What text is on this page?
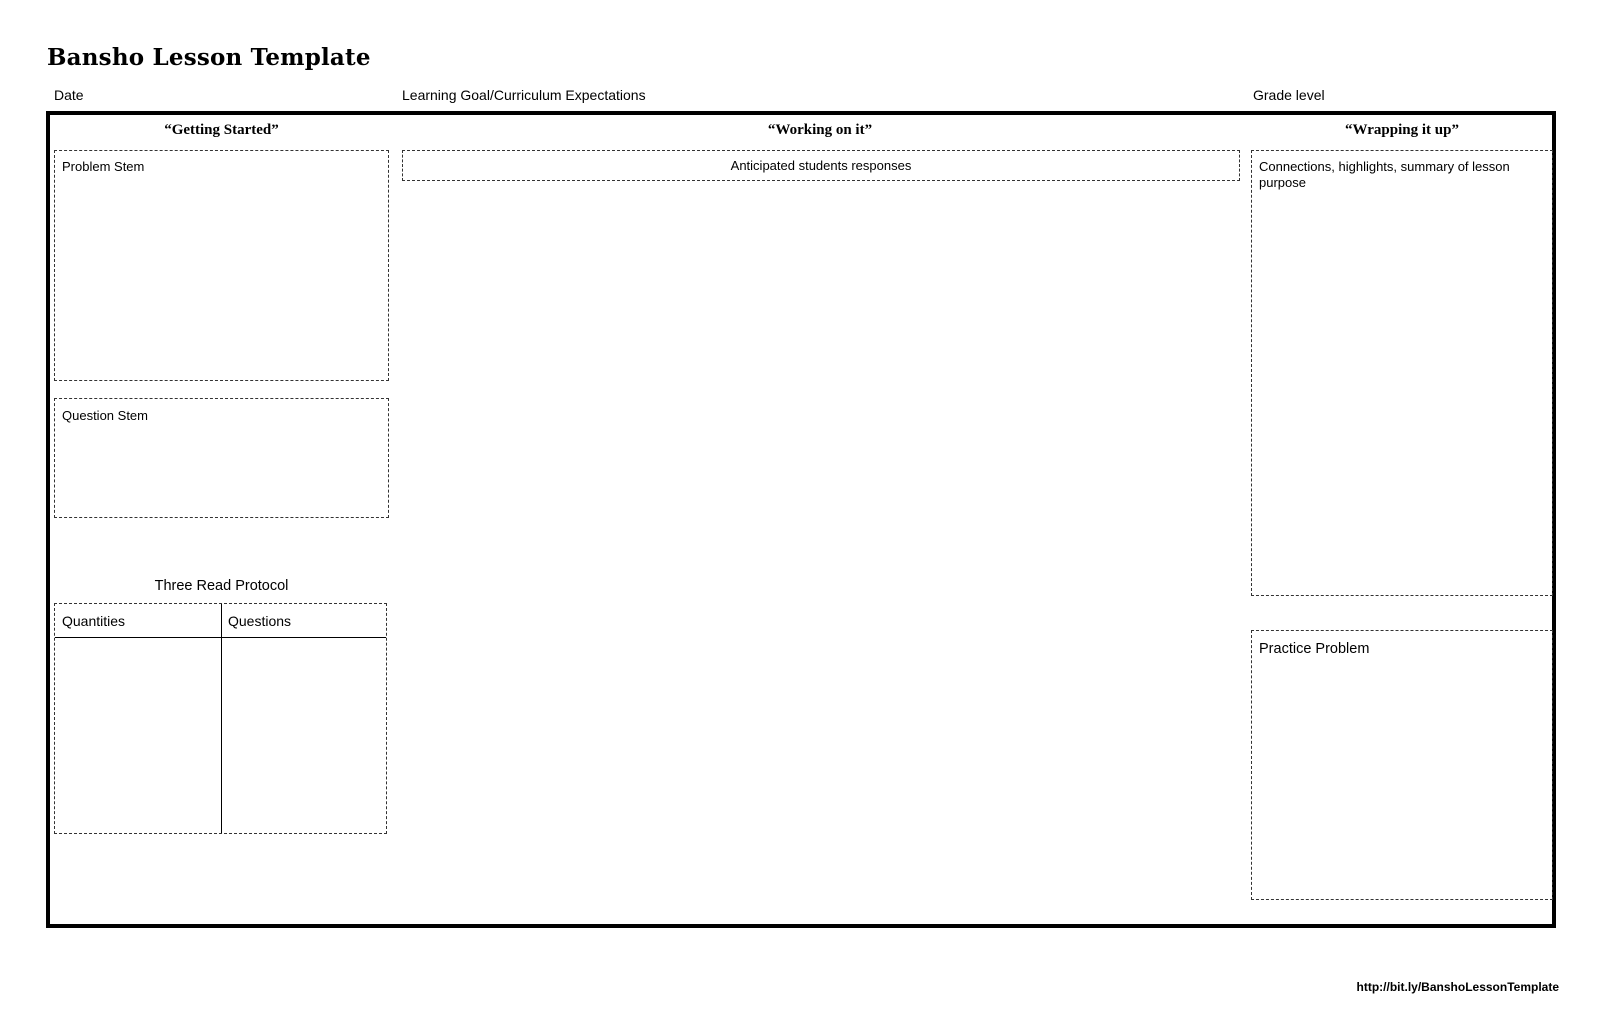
Bansho Lesson Template
Date	Learning Goal/Curriculum Expectations	Grade level
“Getting Started”	“Working on it”	“Wrapping it up”
Problem Stem
Question Stem
Three Read Protocol
Quantities	Questions
Anticipated students responses	Connections, highlights, summary of lesson purpose
Practice Problem
http://bit.ly/BanshoLessonTemplate
